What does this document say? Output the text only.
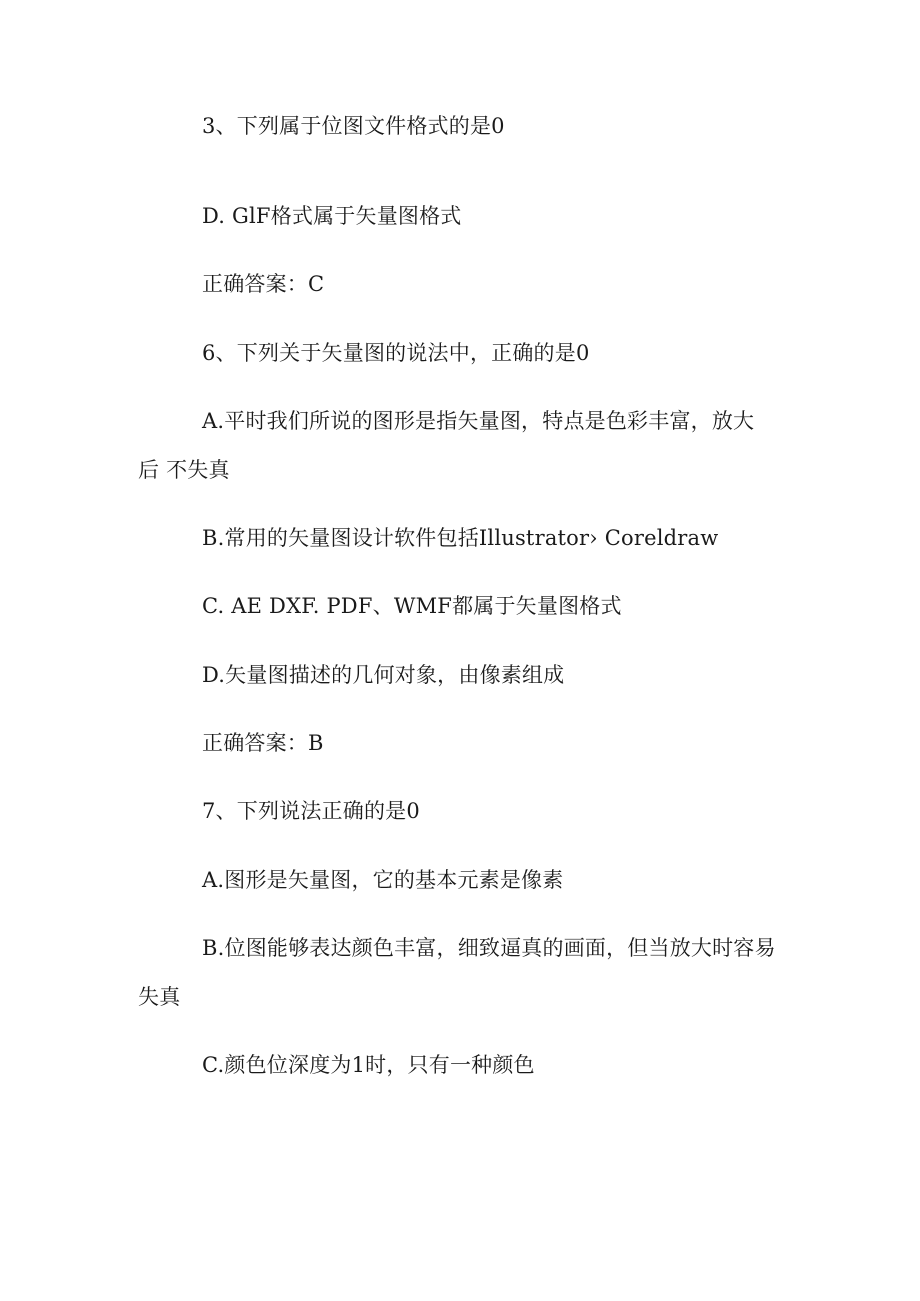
3、下列属于位图文件格式的是0
D. GlF格式属于矢量图格式
正确答案：C
6、下列关于矢量图的说法中，正确的是0
A.平时我们所说的图形是指矢量图，特点是色彩丰富，放大
后 不失真
B.常用的矢量图设计软件包括Illustrator› Coreldraw
C. AE DXF. PDF、WMF都属于矢量图格式
D.矢量图描述的几何对象，由像素组成
正确答案：B
7、下列说法正确的是0
A.图形是矢量图，它的基本元素是像素
B.位图能够表达颜色丰富，细致逼真的画面，但当放大时容易
失真
C.颜色位深度为1时，只有一种颜色
